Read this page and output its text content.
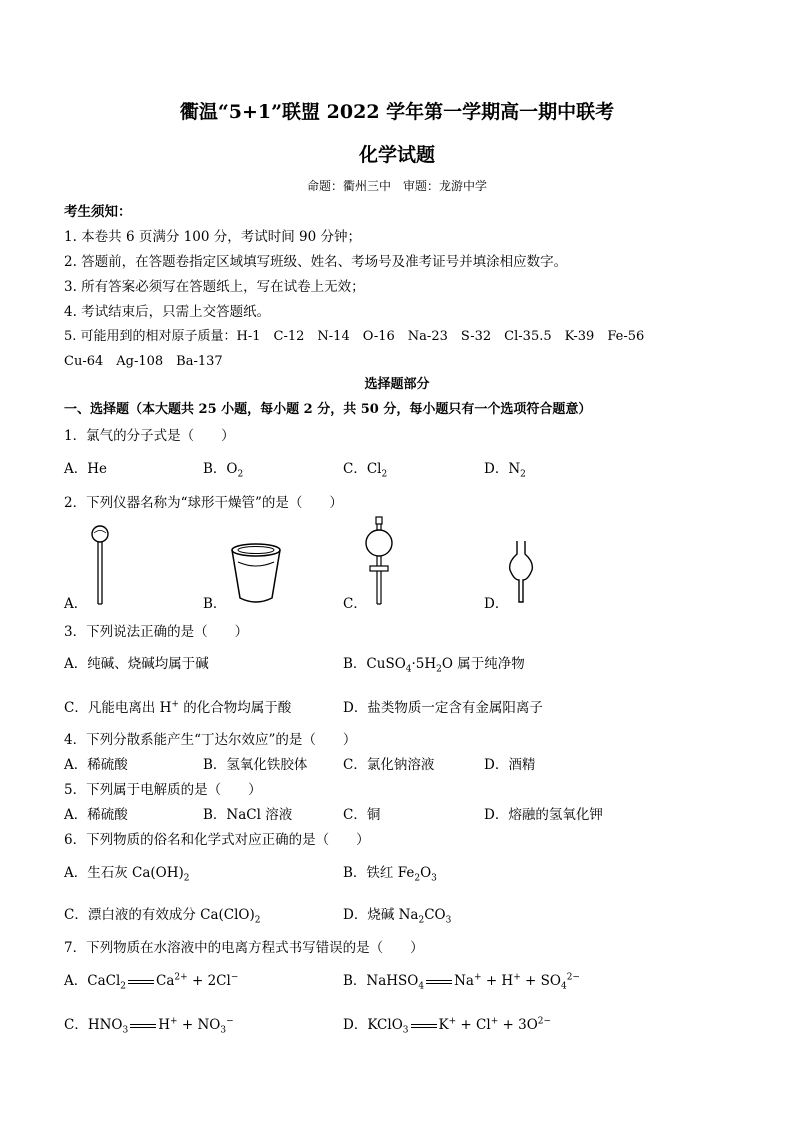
衢温“5+1”联盟 2022 学年第一学期高一期中联考
化学试题
命题：衢州三中　审题：龙游中学
考生须知：
1. 本卷共 6 页满分 100 分，考试时间 90 分钟；
2. 答题前，在答题卷指定区域填写班级、姓名、考场号及准考证号并填涂相应数字。
3. 所有答案必须写在答题纸上，写在试卷上无效；
4. 考试结束后，只需上交答题纸。
5. 可能用到的相对原子质量：H-1　C-12　N-14　O-16　Na-23　S-32　Cl-35.5　K-39　Fe-56
Cu-64　Ag-108　Ba-137
选择题部分
一、选择题（本大题共 25 小题，每小题 2 分，共 50 分，每小题只有一个选项符合题意）
1．氯气的分子式是（　　）
A．He	B．$O_2$	C．$Cl_2$	D．$N_2$
2．下列仪器名称为“球形干燥管”的是（　　）
A．	B．	C．	D．
3．下列说法正确的是（　　）
A．纯碱、烧碱均属于碱	B．$CuSO_4\cdot 5H_2O$ 属于纯净物
C．凡能电离出 H+ 的化合物均属于酸	D．盐类物质一定含有金属阳离子
4．下列分散系能产生“丁达尔效应”的是（　　）
A．稀硫酸	B．氢氧化铁胶体	C．氯化钠溶液	D．酒精
5．下列属于电解质的是（　　）
A．稀硫酸	B．NaCl 溶液	C．铜	D．熔融的氢氧化钾
6．下列物质的俗名和化学式对应正确的是（　　）
A．生石灰 $Ca(OH)_2$	B．铁红 $Fe_2O_3$
C．漂白液的有效成分 $Ca(ClO)_2$	D．烧碱 $Na_2CO_3$
7．下列物质在水溶液中的电离方程式书写错误的是（　　）
A．CaCl$_2$ $Ca^{2+} + 2Cl^-$	B．NaHSO$_4$ $Na^+ + H^+ + SO_4^{2-}$
C．$HNO_3$ $H^+ + NO_3^-$	D．KClO$_3$ $K^+ + Cl^+ + 3O^{2-}$
